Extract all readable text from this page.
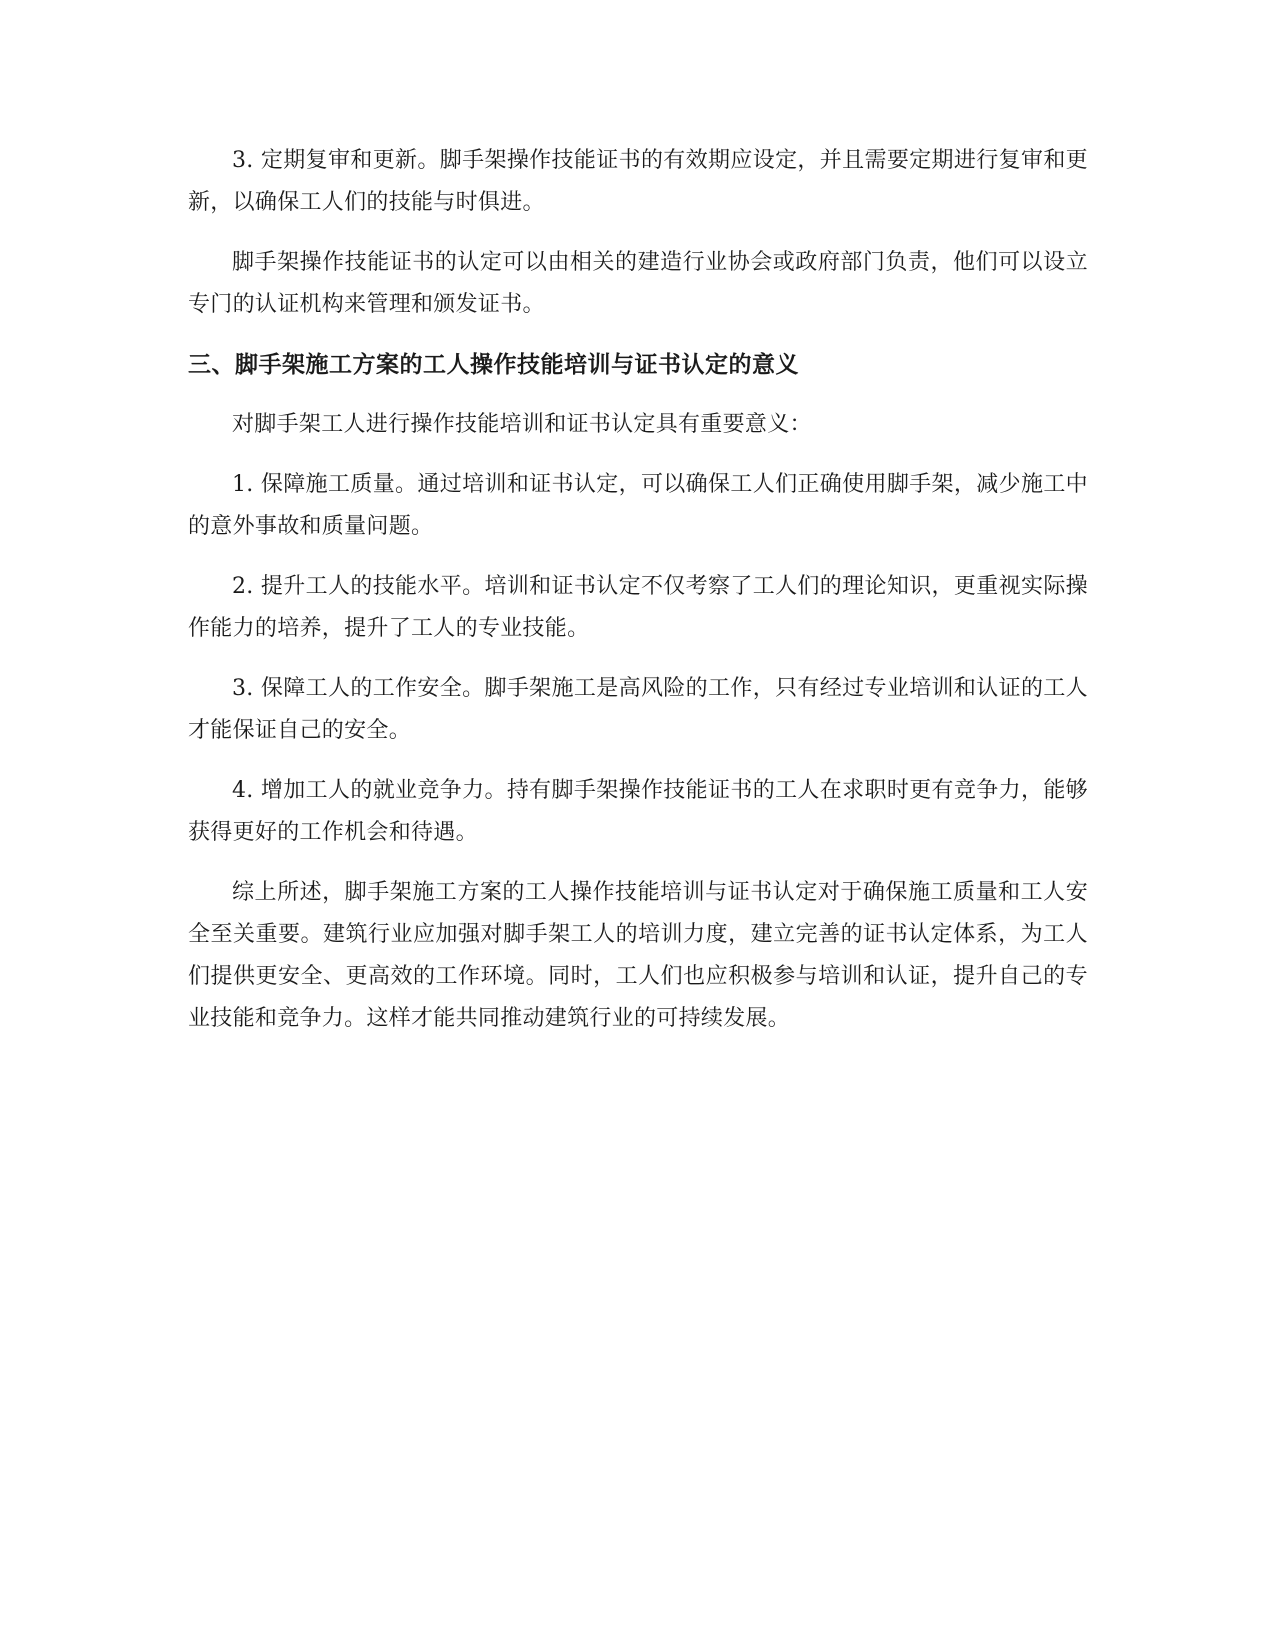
3. 定期复审和更新。脚手架操作技能证书的有效期应设定，并且需要定期进行复审和更新，以确保工人们的技能与时俱进。

脚手架操作技能证书的认定可以由相关的建造行业协会或政府部门负责，他们可以设立专门的认证机构来管理和颁发证书。

三、脚手架施工方案的工人操作技能培训与证书认定的意义

对脚手架工人进行操作技能培训和证书认定具有重要意义：

1. 保障施工质量。通过培训和证书认定，可以确保工人们正确使用脚手架，减少施工中的意外事故和质量问题。

2. 提升工人的技能水平。培训和证书认定不仅考察了工人们的理论知识，更重视实际操作能力的培养，提升了工人的专业技能。

3. 保障工人的工作安全。脚手架施工是高风险的工作，只有经过专业培训和认证的工人才能保证自己的安全。

4. 增加工人的就业竞争力。持有脚手架操作技能证书的工人在求职时更有竞争力，能够获得更好的工作机会和待遇。

综上所述，脚手架施工方案的工人操作技能培训与证书认定对于确保施工质量和工人安全至关重要。建筑行业应加强对脚手架工人的培训力度，建立完善的证书认定体系，为工人们提供更安全、更高效的工作环境。同时，工人们也应积极参与培训和认证，提升自己的专业技能和竞争力。这样才能共同推动建筑行业的可持续发展。
